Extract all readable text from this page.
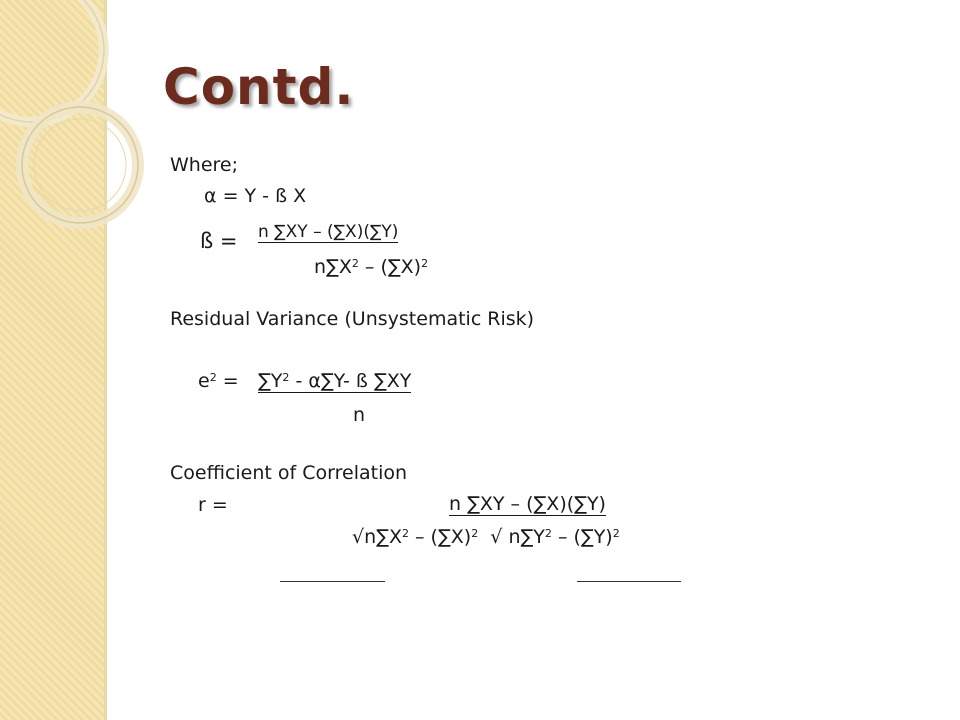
Contd.
Where;
α = Y - ß X
ß = n ∑XY – (∑X)(∑Y)
$n\sum X^2 - (\sum X)^2$
Residual Variance (Unsystematic Risk)
$e^2 = \sum Y^2 - \alpha\sum Y-$ ß ∑XY
n
Coefficient of Correlation
r =	n ∑XY – (∑X)(∑Y)
$√n\sum X^2 - (\sum X)^2$ √ $n\sum Y^2 - (\sum Y)^2$
